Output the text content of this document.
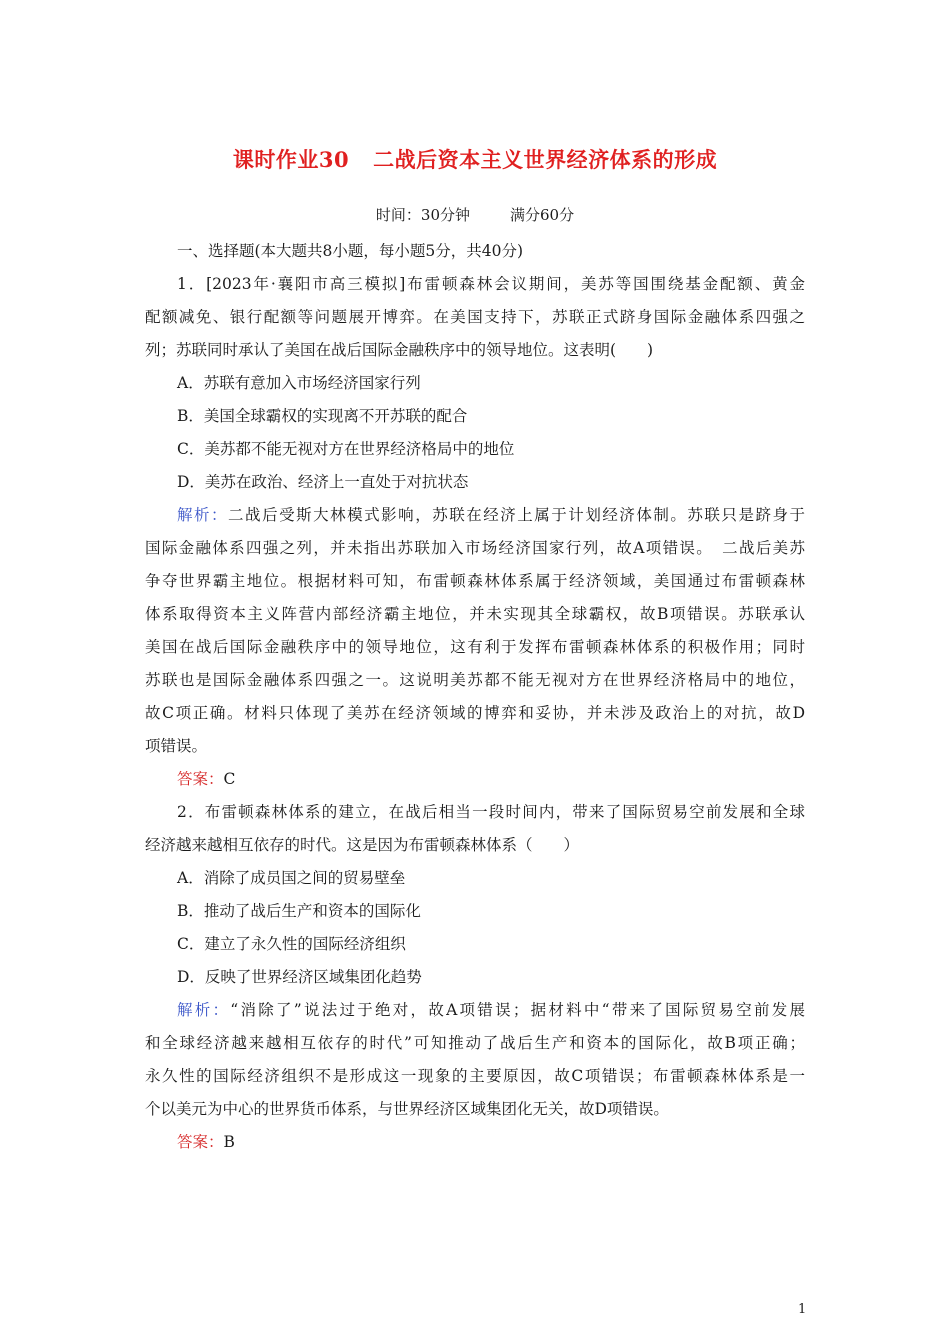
课时作业30 二战后资本主义世界经济体系的形成
时间：30分钟	满分60分
一、选择题(本大题共8小题，每小题5分，共40分)
1．[2023年·襄阳市高三模拟]布雷顿森林会议期间，美苏等国围绕基金配额、黄金
配额减免、银行配额等问题展开博弈。在美国支持下，苏联正式跻身国际金融体系四强之
列；苏联同时承认了美国在战后国际金融秩序中的领导地位。这表明(　　)
A．苏联有意加入市场经济国家行列
B．美国全球霸权的实现离不开苏联的配合
C．美苏都不能无视对方在世界经济格局中的地位
D．美苏在政治、经济上一直处于对抗状态
解析：二战后受斯大林模式影响，苏联在经济上属于计划经济体制。苏联只是跻身于
国际金融体系四强之列，并未指出苏联加入市场经济国家行列，故A项错误。　二战后美苏
争夺世界霸主地位。根据材料可知，布雷顿森林体系属于经济领域，美国通过布雷顿森林
体系取得资本主义阵营内部经济霸主地位，并未实现其全球霸权，故B项错误。苏联承认
美国在战后国际金融秩序中的领导地位，这有利于发挥布雷顿森林体系的积极作用；同时
苏联也是国际金融体系四强之一。这说明美苏都不能无视对方在世界经济格局中的地位，
故C项正确。材料只体现了美苏在经济领域的博弈和妥协，并未涉及政治上的对抗，故D
项错误。
答案：C
2．布雷顿森林体系的建立，在战后相当一段时间内，带来了国际贸易空前发展和全球
经济越来越相互依存的时代。这是因为布雷顿森林体系（　　）
A．消除了成员国之间的贸易壁垒
B．推动了战后生产和资本的国际化
C．建立了永久性的国际经济组织
D．反映了世界经济区域集团化趋势
解析：“消除了”说法过于绝对，故A项错误；据材料中“带来了国际贸易空前发展
和全球经济越来越相互依存的时代”可知推动了战后生产和资本的国际化，故B项正确；
永久性的国际经济组织不是形成这一现象的主要原因，故C项错误；布雷顿森林体系是一
个以美元为中心的世界货币体系，与世界经济区域集团化无关，故D项错误。
答案：B
1
